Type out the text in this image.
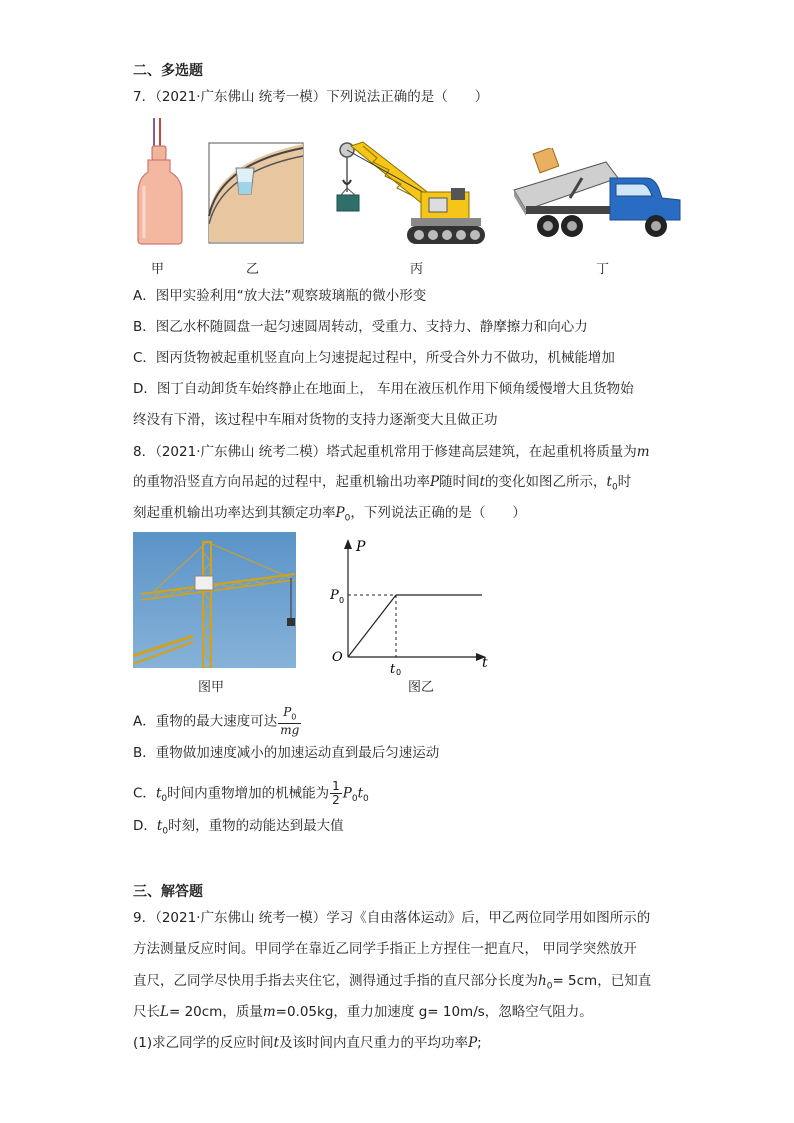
二、多选题
7．（2021·广东佛山 统考一模）下列说法正确的是（　　）
甲	乙	丙	丁
A．图甲实验利用“放大法”观察玻璃瓶的微小形变
B．图乙水杯随圆盘一起匀速圆周转动，受重力、支持力、静摩擦力和向心力
C．图丙货物被起重机竖直向上匀速提起过程中，所受合外力不做功，机械能增加
D．图丁自动卸货车始终静止在地面上， 车用在液压机作用下倾角缓慢增大且货物始
终没有下滑，该过程中车厢对货物的支持力逐渐变大且做正功
8．（2021·广东佛山 统考二模）塔式起重机常用于修建高层建筑，在起重机将质量为m
的重物沿竖直方向吊起的过程中，起重机输出功率P随时间t的变化如图乙所示，$t_0$时
刻起重机输出功率达到其额定功率$P_0$，下列说法正确的是（　　）
P
t
O
P 0
t 0
图甲	图乙
A．重物的最大速度可达 $\frac{P_0}{mg}$
B．重物做加速度减小的加速运动直到最后匀速运动
C．$t_0$时间内重物增加的机械能为 $\frac{1}{2} P_0t_0$
D．$t_0$时刻，重物的动能达到最大值
三、解答题
9．（2021·广东佛山 统考一模）学习《自由落体运动》后，甲乙两位同学用如图所示的
方法测量反应时间。甲同学在靠近乙同学手指正上方捏住一把直尺， 甲同学突然放开
直尺，乙同学尽快用手指去夹住它，测得通过手指的直尺部分长度为$h_0= 5cm$，已知直
尺长L= 20cm，质量m=0.05kg，重力加速度 g= 10m/s，忽略空气阻力。
(1)求乙同学的反应时间t及该时间内直尺重力的平均功率P;
